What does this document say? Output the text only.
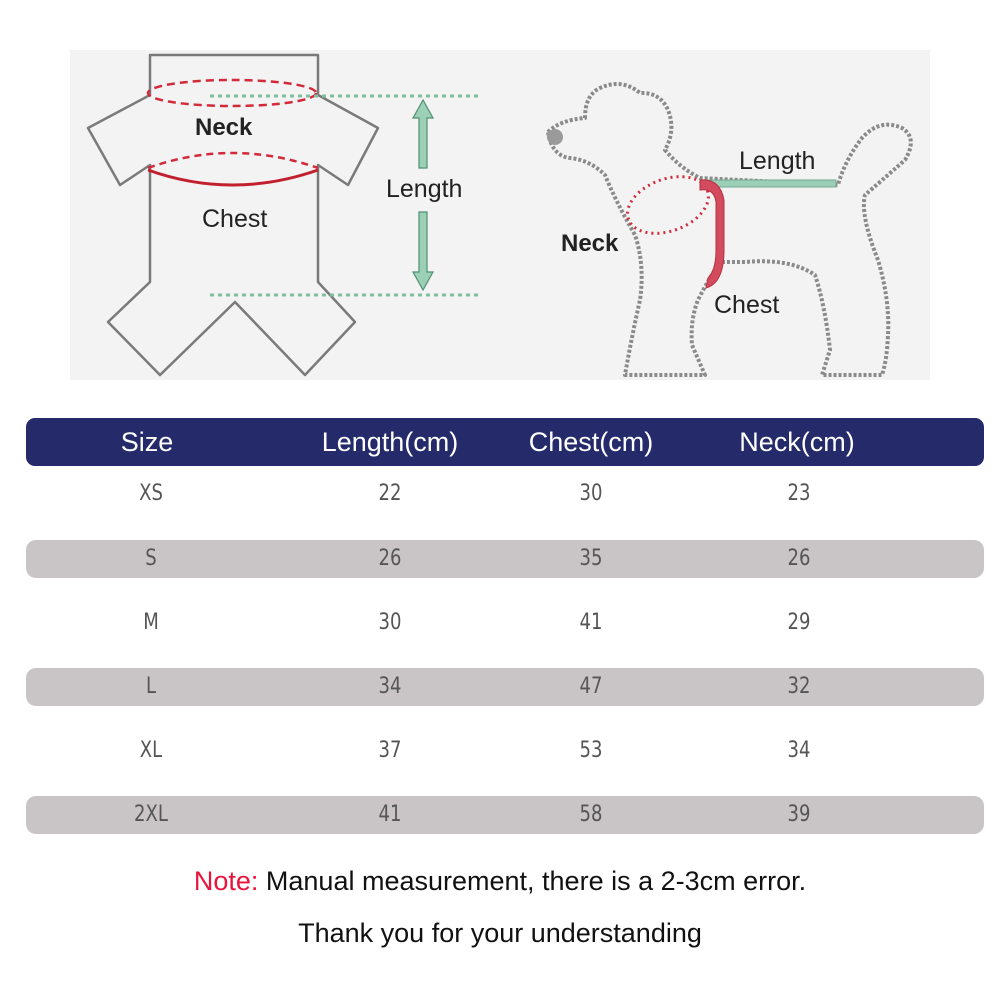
Neck
Chest
Length
Length
Neck
Chest
Size	Length(cm)	Chest(cm)	Neck(cm)
XS	22	30	23
S	26	35	26
M	30	41	29
L	34	47	32
XL	37	53	34
2XL	41	58	39
Note: Manual measurement, there is a 2-3cm error.
Thank you for your understanding
